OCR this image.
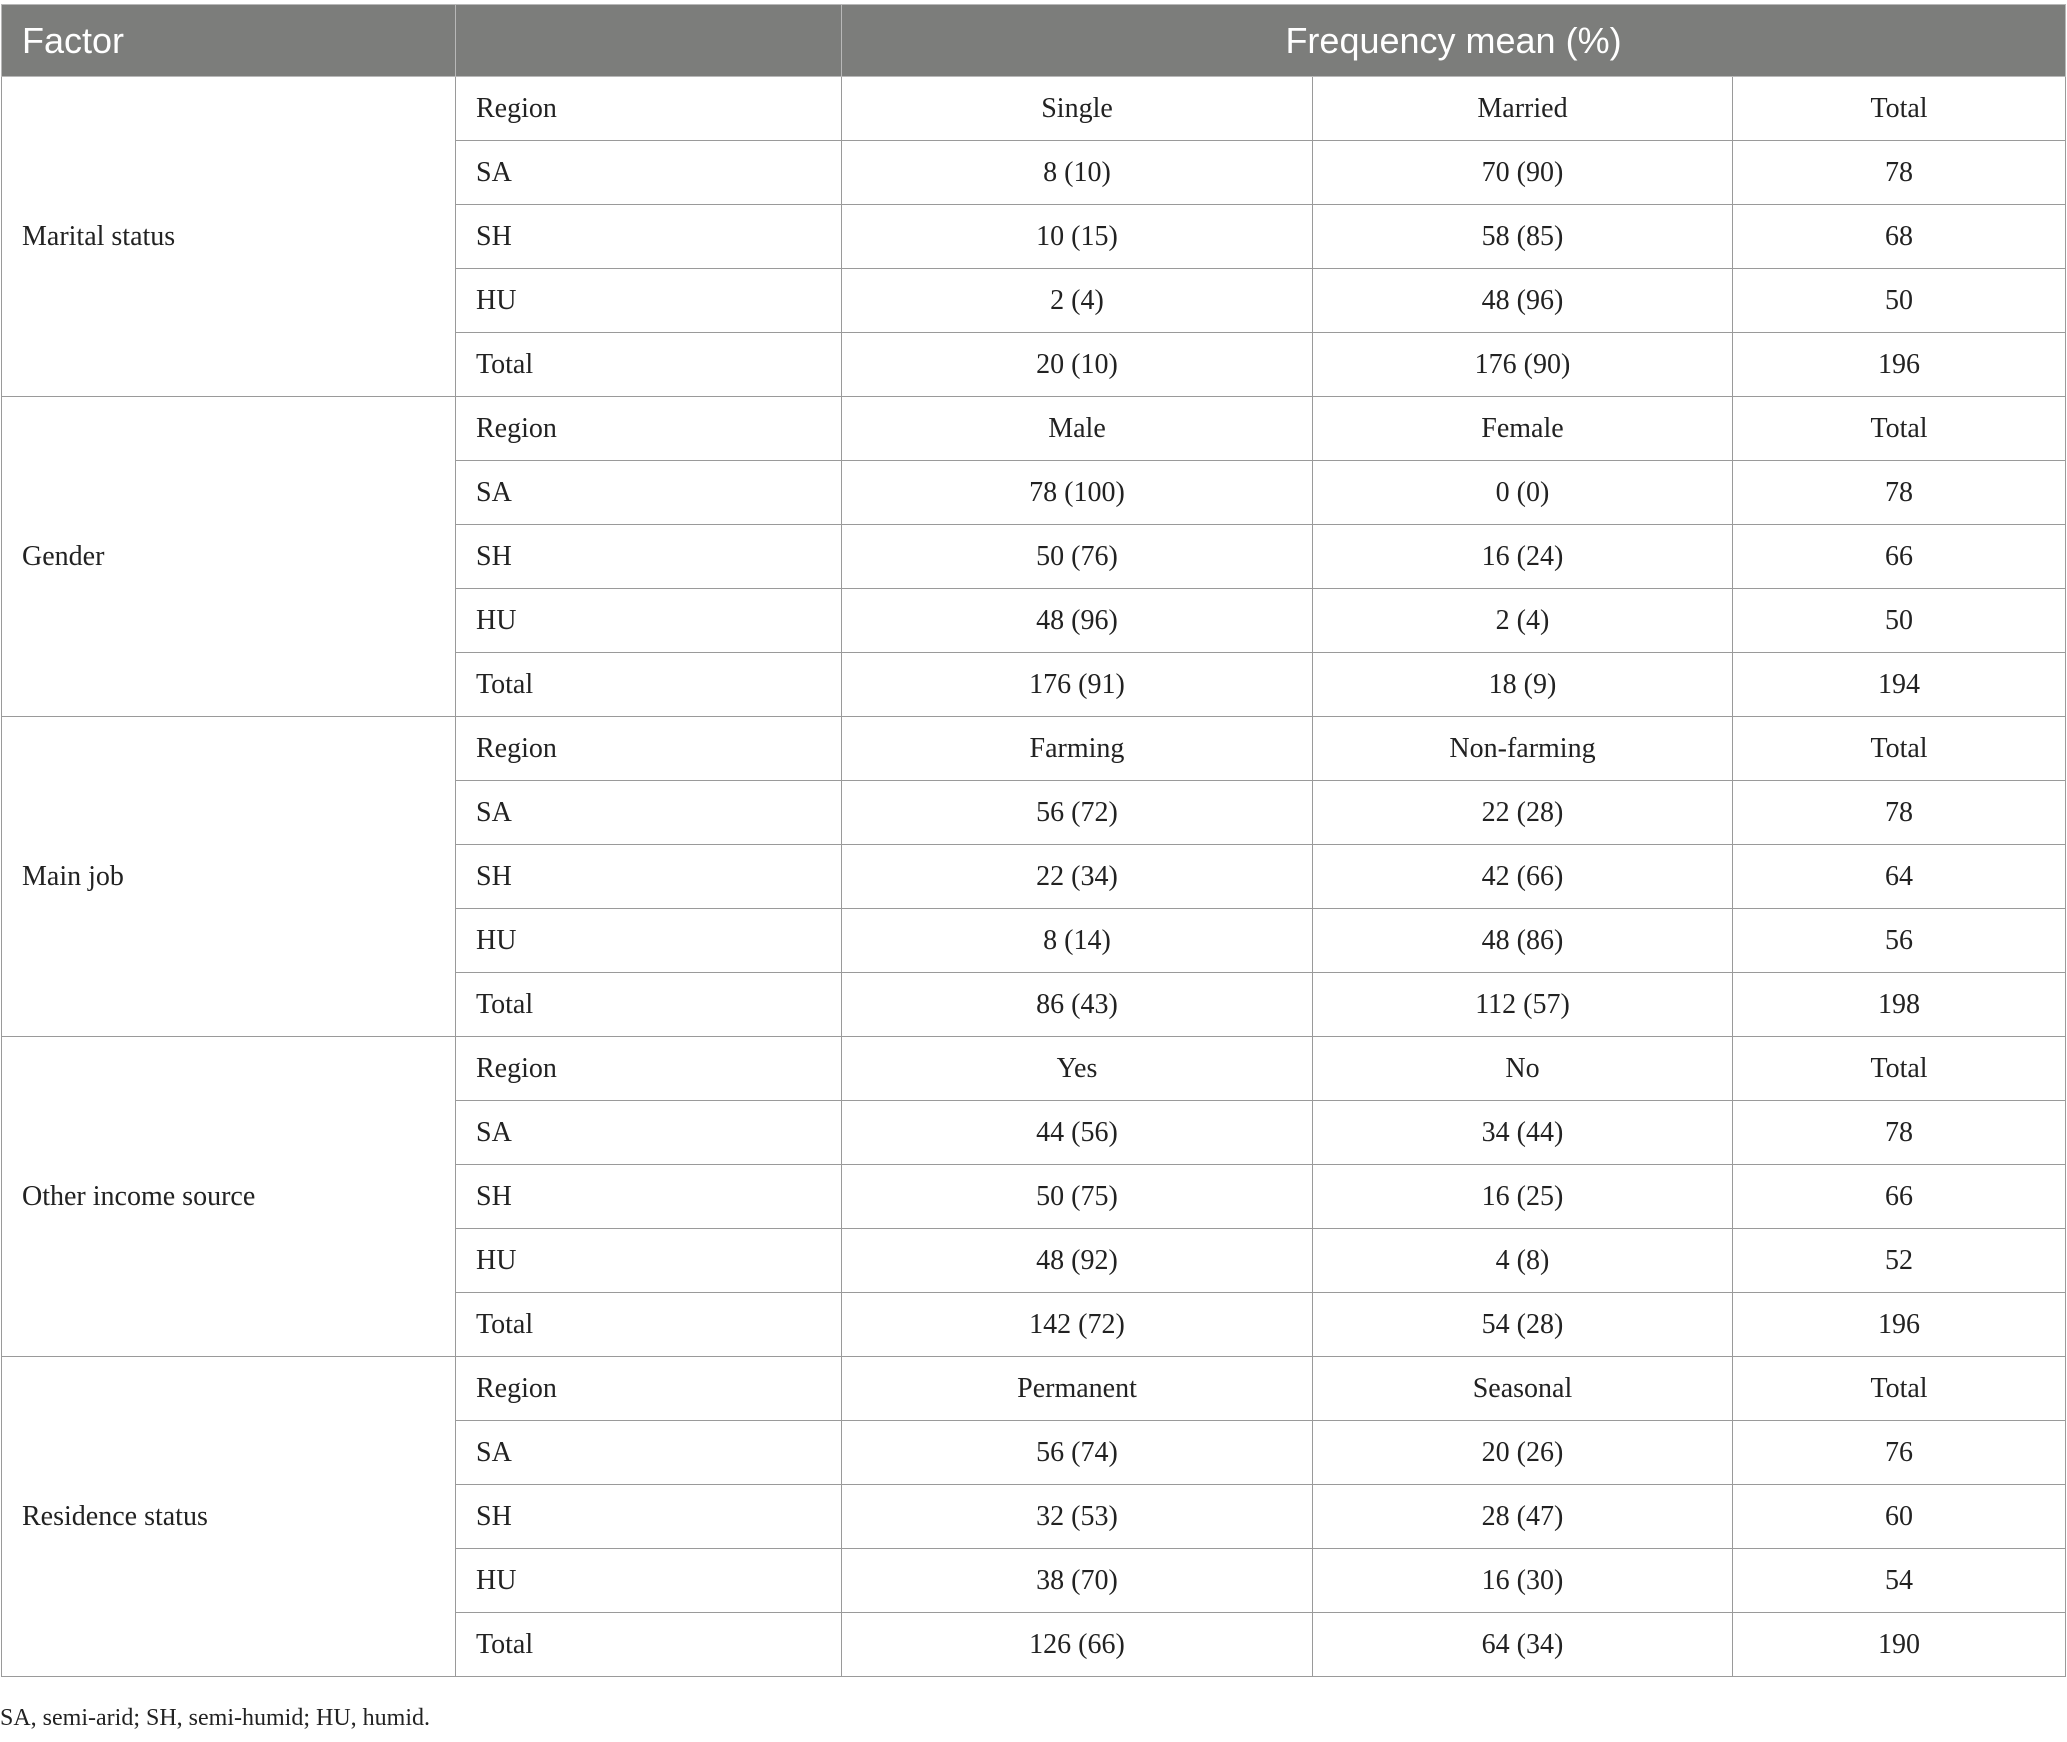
Factor		Frequency mean (%)		
Marital status	Region	Single	Married	Total
	SA	8 (10)	70 (90)	78
	SH	10 (15)	58 (85)	68
	HU	2 (4)	48 (96)	50
	Total	20 (10)	176 (90)	196
Gender	Region	Male	Female	Total
	SA	78 (100)	0 (0)	78
	SH	50 (76)	16 (24)	66
	HU	48 (96)	2 (4)	50
	Total	176 (91)	18 (9)	194
Main job	Region	Farming	Non-farming	Total
	SA	56 (72)	22 (28)	78
	SH	22 (34)	42 (66)	64
	HU	8 (14)	48 (86)	56
	Total	86 (43)	112 (57)	198
Other income source	Region	Yes	No	Total
	SA	44 (56)	34 (44)	78
	SH	50 (75)	16 (25)	66
	HU	48 (92)	4 (8)	52
	Total	142 (72)	54 (28)	196
Residence status	Region	Permanent	Seasonal	Total
	SA	56 (74)	20 (26)	76
	SH	32 (53)	28 (47)	60
	HU	38 (70)	16 (30)	54
	Total	126 (66)	64 (34)	190
SA, semi-arid; SH, semi-humid; HU, humid.
